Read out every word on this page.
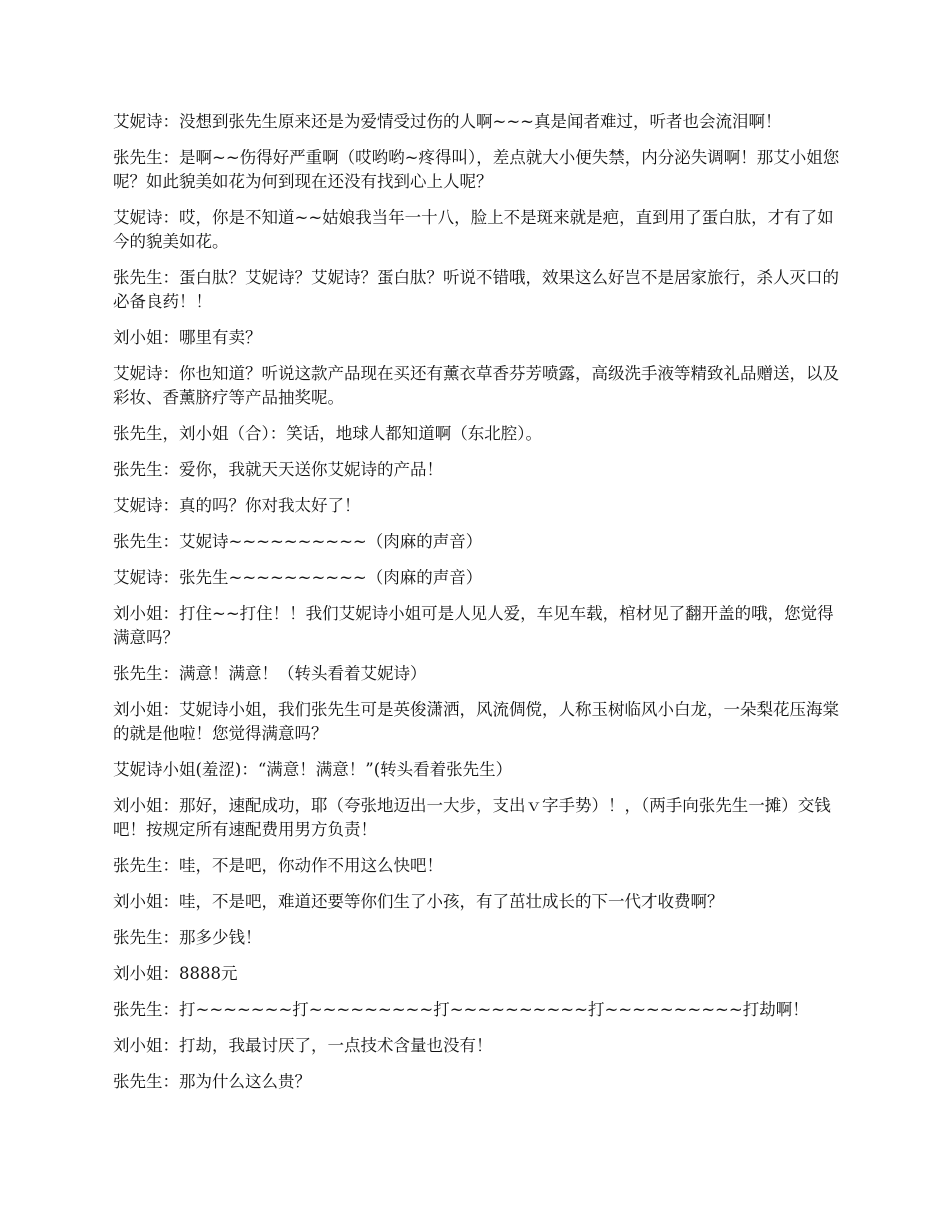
艾妮诗：没想到张先生原来还是为爱情受过伤的人啊~~~真是闻者难过，听者也会流泪啊！

张先生：是啊~~伤得好严重啊（哎哟哟~疼得叫），差点就大小便失禁，内分泌失调啊！那艾小姐您呢？如此貌美如花为何到现在还没有找到心上人呢？

艾妮诗：哎，你是不知道~~姑娘我当年一十八，脸上不是斑来就是疤，直到用了蛋白肽，才有了如今的貌美如花。

张先生：蛋白肽？艾妮诗？艾妮诗？蛋白肽？听说不错哦，效果这么好岂不是居家旅行，杀人灭口的必备良药！！

刘小姐：哪里有卖？

艾妮诗：你也知道？听说这款产品现在买还有薰衣草香芬芳喷露，高级洗手液等精致礼品赠送，以及彩妆、香薰脐疗等产品抽奖呢。

张先生，刘小姐（合）：笑话，地球人都知道啊（东北腔）。

张先生：爱你，我就天天送你艾妮诗的产品！

艾妮诗：真的吗？你对我太好了！

张先生：艾妮诗~~~~~~~~~~（肉麻的声音）

艾妮诗：张先生~~~~~~~~~~（肉麻的声音）

刘小姐：打住~~打住！！我们艾妮诗小姐可是人见人爱，车见车载，棺材见了翻开盖的哦，您觉得满意吗？

张先生：满意！满意！（转头看着艾妮诗）

刘小姐：艾妮诗小姐，我们张先生可是英俊潇洒，风流倜傥，人称玉树临风小白龙，一朵梨花压海棠的就是他啦！您觉得满意吗？

艾妮诗小姐(羞涩)：“满意！满意！”(转头看着张先生）

刘小姐：那好，速配成功，耶（夸张地迈出一大步，支出ｖ字手势）！，（两手向张先生一摊）交钱吧！按规定所有速配费用男方负责！

张先生：哇，不是吧，你动作不用这么快吧！

刘小姐：哇，不是吧，难道还要等你们生了小孩，有了茁壮成长的下一代才收费啊？

张先生：那多少钱！

刘小姐：8888元

张先生：打~~~~~~~打~~~~~~~~~打~~~~~~~~~~打~~~~~~~~~~打劫啊！

刘小姐：打劫，我最讨厌了，一点技术含量也没有！

张先生：那为什么这么贵？
